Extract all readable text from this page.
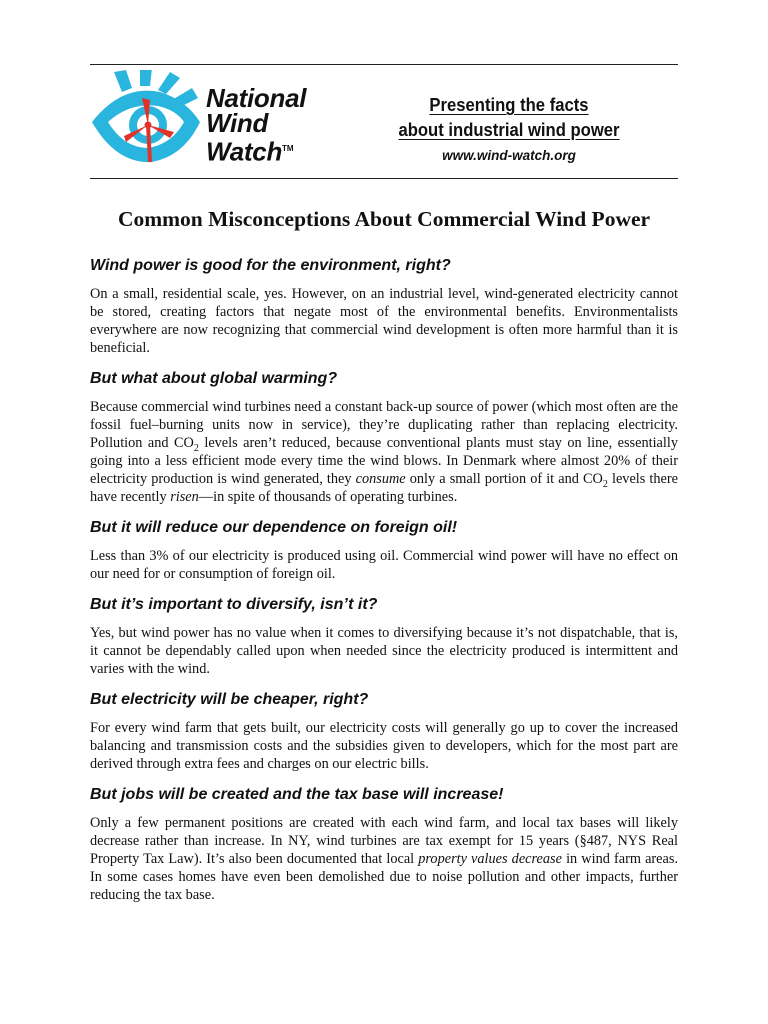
National
Wind
Watch™
Presenting the facts
about industrial wind power
www.wind-watch.org
Common Misconceptions About Commercial Wind Power
Wind power is good for the environment, right?

On a small, residential scale, yes. However, on an industrial level, wind-generated electricity cannot be stored, creating factors that negate most of the environmental benefits. Environmentalists everywhere are now recognizing that commercial wind development is often more harmful than it is beneficial.

But what about global warming?

Because commercial wind turbines need a constant back-up source of power (which most often are the fossil fuel–burning units now in service), they’re duplicating rather than replacing electricity. Pollution and $CO_2$ levels aren’t reduced, because conventional plants must stay on line, essentially going into a less efficient mode every time the wind blows. In Denmark where almost 20% of their electricity production is wind generated, they consume only a small portion of it and $CO_2$ levels there have recently risen—in spite of thousands of operating turbines.

But it will reduce our dependence on foreign oil!

Less than 3% of our electricity is produced using oil. Commercial wind power will have no effect on our need for or consumption of foreign oil.

But it’s important to diversify, isn’t it?

Yes, but wind power has no value when it comes to diversifying because it’s not dispatchable, that is, it cannot be dependably called upon when needed since the electricity produced is intermittent and varies with the wind.

But electricity will be cheaper, right?

For every wind farm that gets built, our electricity costs will generally go up to cover the increased balancing and transmission costs and the subsidies given to developers, which for the most part are derived through extra fees and charges on our electric bills.

But jobs will be created and the tax base will increase!

Only a few permanent positions are created with each wind farm, and local tax bases will likely decrease rather than increase. In NY, wind turbines are tax exempt for 15 years (§487, NYS Real Property Tax Law). It’s also been documented that local property values decrease in wind farm areas. In some cases homes have even been demolished due to noise pollution and other impacts, further reducing the tax base.
